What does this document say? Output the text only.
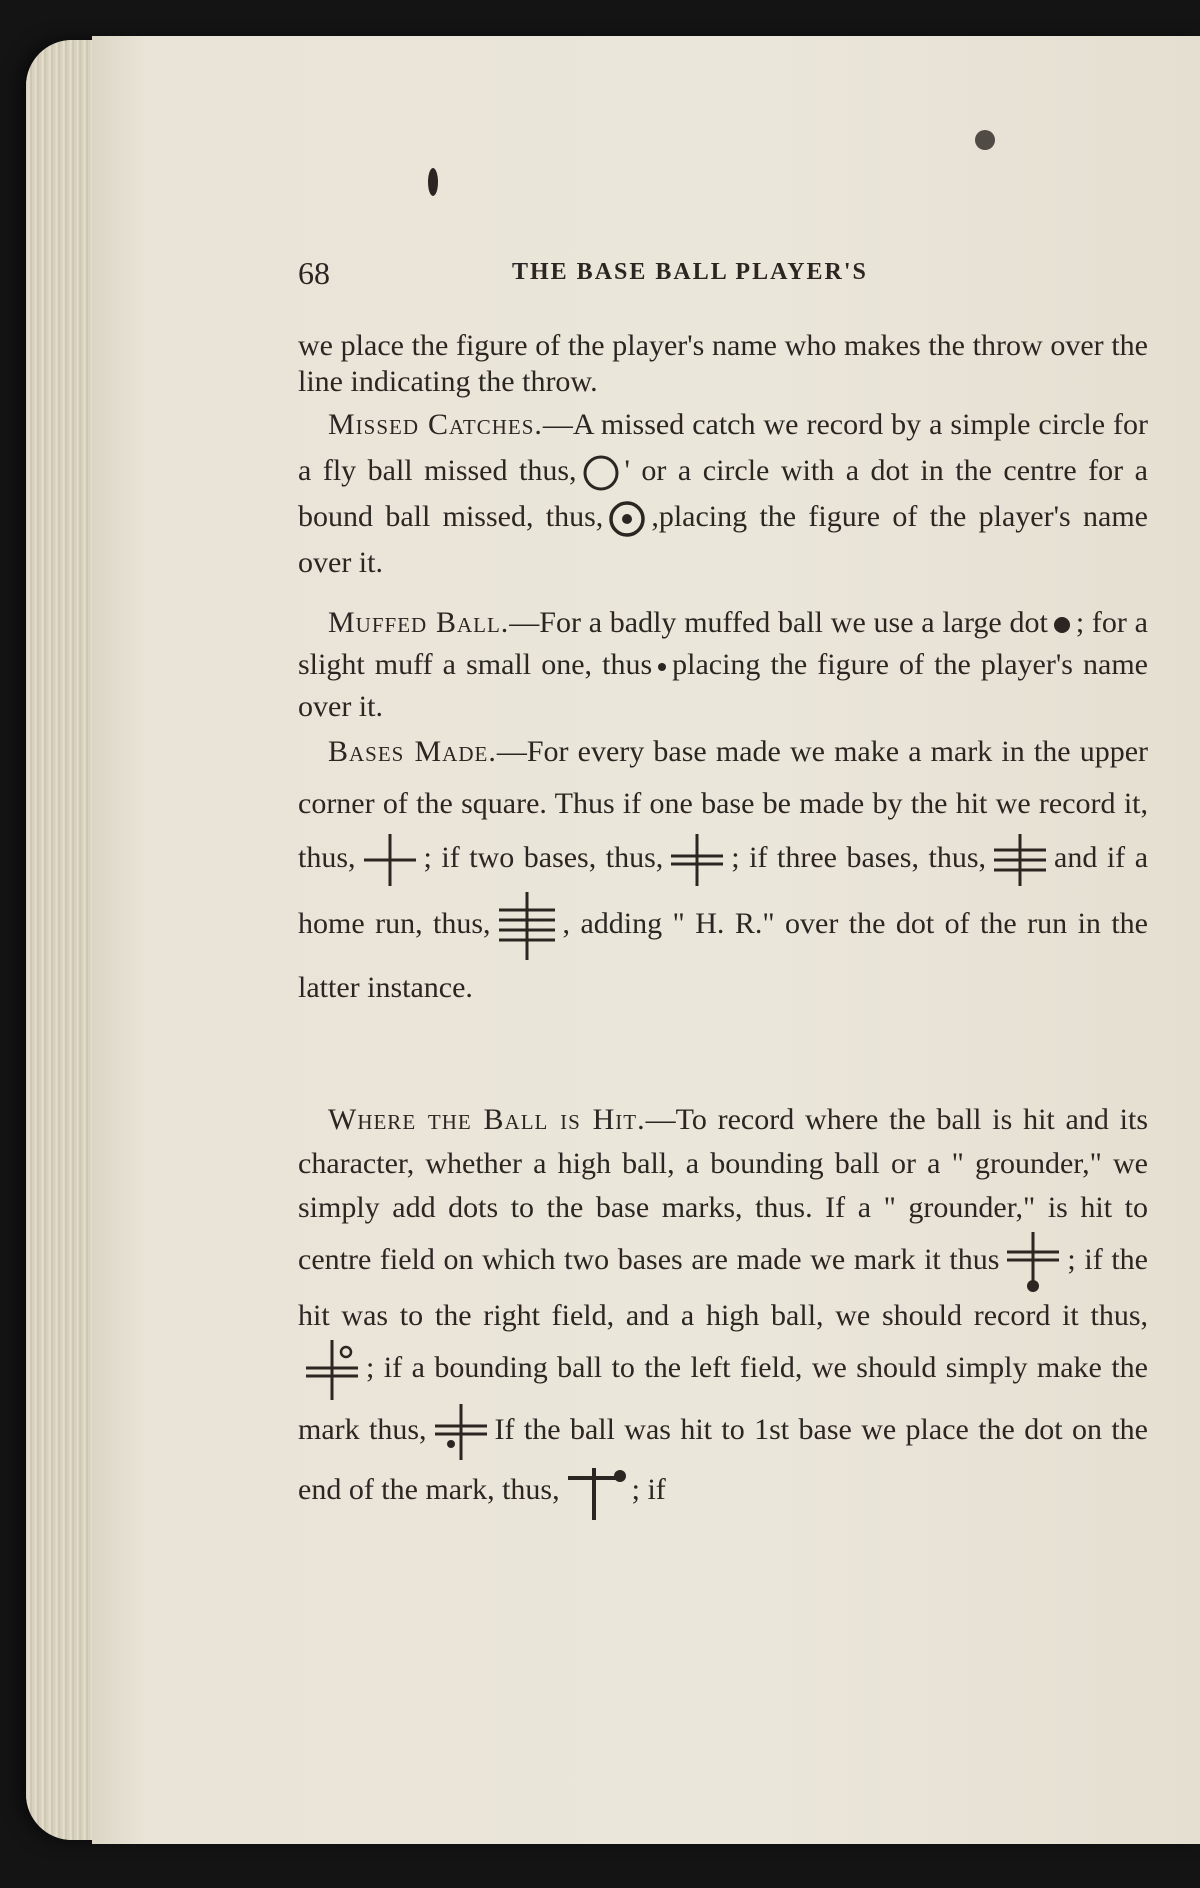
68	THE BASE BALL PLAYER'S

we place the figure of the player's name who makes the throw over the line indicating the throw.

Missed Catches.—A missed catch we record by a simple circle for a fly ball missed thus, ' or a circle with a dot in the centre for a bound ball missed, thus, ,placing the figure of the player's name over it.

Muffed Ball.—For a badly muffed ball we use a large dot ; for a slight muff a small one, thus placing the figure of the player's name over it.

Bases Made.—For every base made we make a mark in the upper corner of the square. Thus if one base be made by the hit we record it, thus, ; if two bases, thus, ; if three bases, thus, and if a home run, thus, , adding " H. R." over the dot of the run in the latter instance.

Where the Ball is Hit.—To record where the ball is hit and its character, whether a high ball, a bounding ball or a " grounder," we simply add dots to the base marks, thus. If a " grounder," is hit to centre field on which two bases are made we mark it thus ; if the hit was to the right field, and a high ball, we should record it thus,; if a bounding ball to the left field, we should simply make the mark thus, If the ball was hit to 1st base we place the dot on the end of the mark, thus, ; if
